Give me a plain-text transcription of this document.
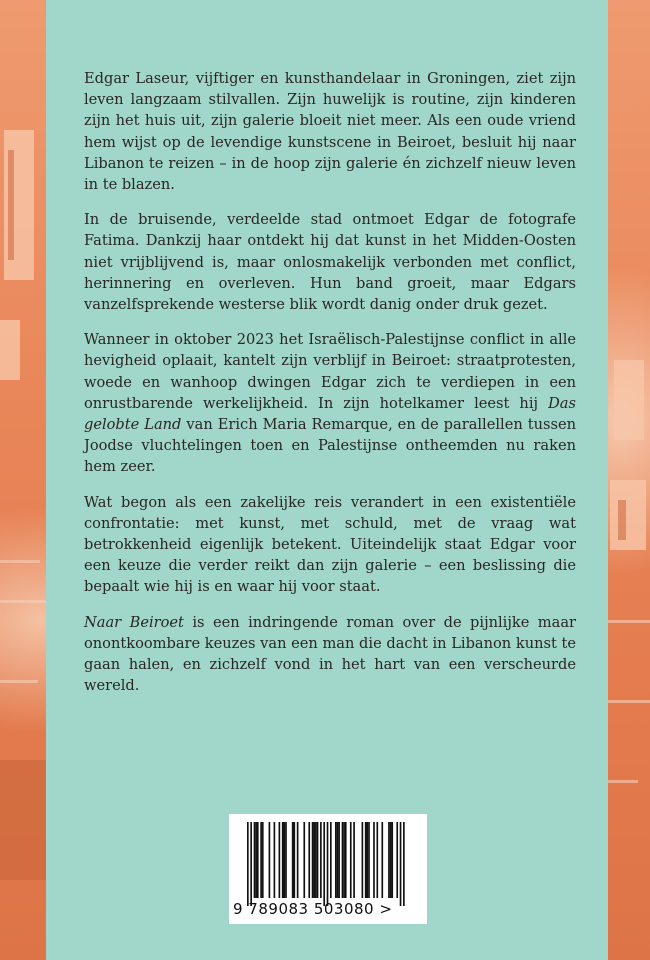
Edgar Laseur, vijftiger en kunsthandelaar in Groningen, ziet zijn leven langzaam stilvallen. Zijn huwelijk is routine, zijn kinderen zijn het huis uit, zijn galerie bloeit niet meer. Als een oude vriend hem wijst op de levendige kunstscene in Beiroet, besluit hij naar Libanon te reizen – in de hoop zijn galerie én zichzelf nieuw leven in te blazen.

In de bruisende, verdeelde stad ontmoet Edgar de fotografe Fatima. Dankzij haar ontdekt hij dat kunst in het Midden-Oosten niet vrijblijvend is, maar onlosmakelijk verbonden met conflict, herinnering en overleven. Hun band groeit, maar Edgars vanzelfsprekende westerse blik wordt danig onder druk gezet.

Wanneer in oktober 2023 het Israëlisch-Palestijnse conflict in alle hevigheid oplaait, kantelt zijn verblijf in Beiroet: straatprotesten, woede en wanhoop dwingen Edgar zich te verdiepen in een onrustbarende werkelijkheid. In zijn hotelkamer leest hij Das gelobte Land van Erich Maria Remarque, en de parallellen tussen Joodse vluchtelingen toen en Palestijnse ontheemden nu raken hem zeer.

Wat begon als een zakelijke reis verandert in een existentiële confrontatie: met kunst, met schuld, met de vraag wat betrokkenheid eigenlijk betekent. Uiteindelijk staat Edgar voor een keuze die verder reikt dan zijn galerie – een beslissing die bepaalt wie hij is en waar hij voor staat.

Naar Beiroet is een indringende roman over de pijnlijke maar onontkoombare keuzes van een man die dacht in Libanon kunst te gaan halen, en zichzelf vond in het hart van een verscheurde wereld.

9 789083 503080 >
